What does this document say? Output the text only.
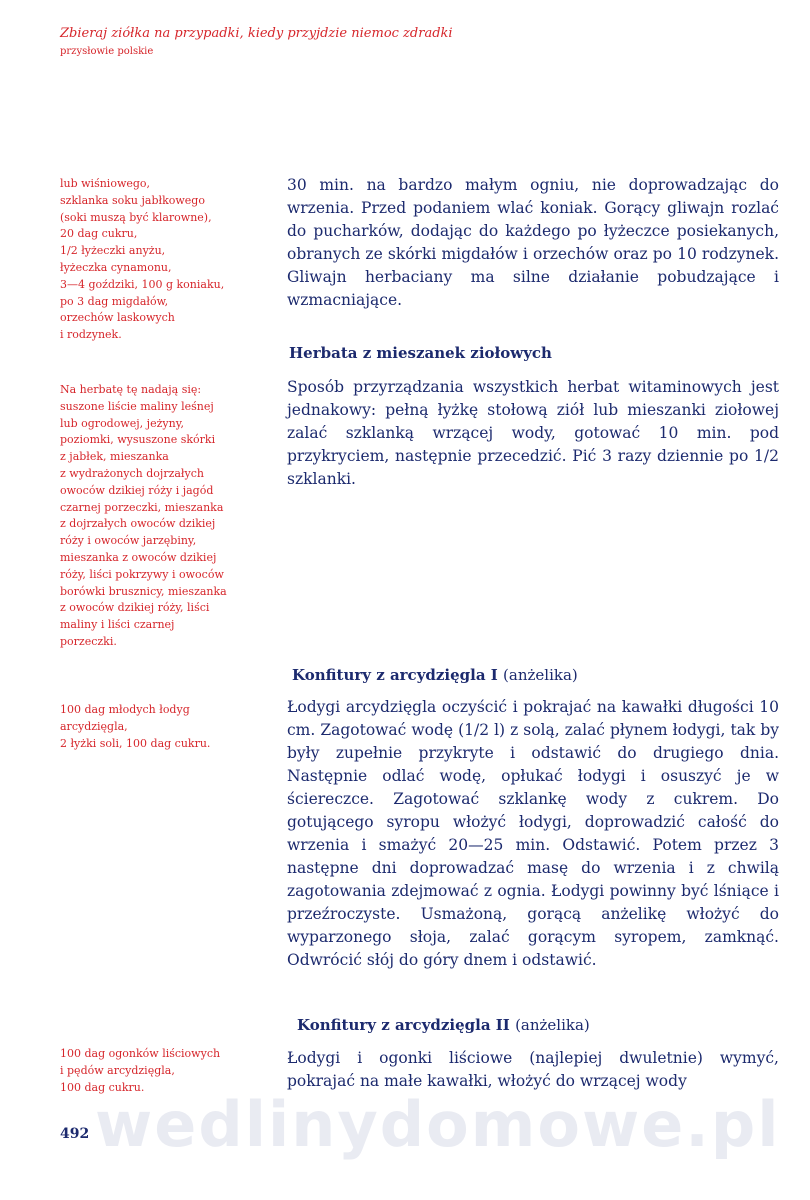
Zbieraj ziółka na przypadki, kiedy przyjdzie niemoc zdradki
przysłowie polskie
lub wiśniowego,
szklanka soku jabłkowego
(soki muszą być klarowne),
20 dag cukru,
1/2 łyżeczki anyżu,
łyżeczka cynamonu,
3—4 goździki, 100 g koniaku,
po 3 dag migdałów,
orzechów laskowych
i rodzynek.
Na herbatę tę nadają się:
suszone liście maliny leśnej
lub ogrodowej, jeżyny,
poziomki, wysuszone skórki
z jabłek, mieszanka
z wydrażonych dojrzałych
owoców dzikiej róży i jagód
czarnej porzeczki, mieszanka
z dojrzałych owoców dzikiej
róży i owoców jarzębiny,
mieszanka z owoców dzikiej
róży, liści pokrzywy i owoców
borówki brusznicy, mieszanka
z owoców dzikiej róży, liści
maliny i liści czarnej
porzeczki.
100 dag młodych łodyg
arcydzięgla,
2 łyżki soli, 100 dag cukru.
100 dag ogonków liściowych
i pędów arcydzięgla,
100 dag cukru.
30 min. na bardzo małym ogniu, nie doprowadzając do wrzenia. Przed podaniem wlać koniak. Gorący gliwajn rozlać do pucharków, dodając do każdego po łyżeczce posiekanych, obranych ze skórki migdałów i orzechów oraz po 10 rodzynek. Gliwajn herbaciany ma silne działanie pobudzające i wzmacniające.
Herbata z mieszanek ziołowych
Sposób przyrządzania wszystkich herbat witaminowych jest jednakowy: pełną łyżkę stołową ziół lub mieszanki ziołowej zalać szklanką wrzącej wody, gotować 10 min. pod przykryciem, następnie przecedzić. Pić 3 razy dziennie po 1/2 szklanki.
Konfitury z arcydzięgla I (anżelika)
Łodygi arcydzięgla oczyścić i pokrajać na kawałki długości 10 cm. Zagotować wodę (1/2 l) z solą, zalać płynem łodygi, tak by były zupełnie przykryte i odstawić do drugiego dnia. Następnie odlać wodę, opłukać łodygi i osuszyć je w ściereczce. Zagotować szklankę wody z cukrem. Do gotującego syropu włożyć łodygi, doprowadzić całość do wrzenia i smażyć 20—25 min. Odstawić. Potem przez 3 następne dni doprowadzać masę do wrzenia i z chwilą zagotowania zdejmować z ognia. Łodygi powinny być lśniące i przeźroczyste. Usmażoną, gorącą anżelikę włożyć do wyparzonego słoja, zalać gorącym syropem, zamknąć. Odwrócić słój do góry dnem i odstawić.
Konfitury z arcydzięgla II (anżelika)
Łodygi i ogonki liściowe (najlepiej dwuletnie) wymyć, pokrajać na małe kawałki, włożyć do wrzącej wody
wedlinydomowe.pl
492
